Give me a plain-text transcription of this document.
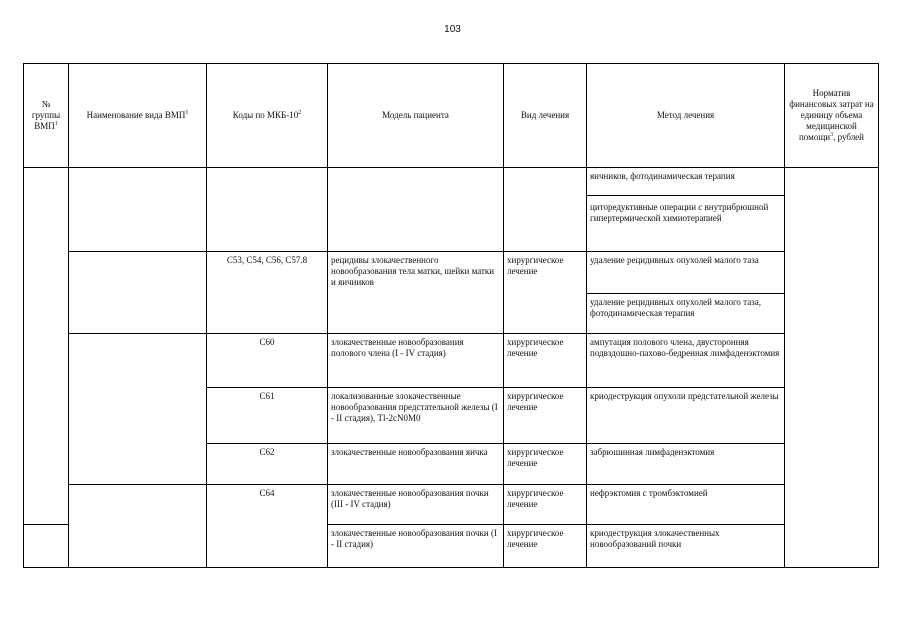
103
№ группы ВМП$^1$	Наименование вида ВМП$^1$	Коды по МКБ-$10^2$	Модель пациента	Вид лечения	Метод лечения	Норматив финансовых затрат на единицу объема медицинской помощи$^3$, рублей
					яичников, фотодинамическая терапия	
					циторедуктивные операции с внутрибрюшной гипертермической химиотерапией	
		C53, C54, C56, C57.8	рецидивы злокачественного новообразования тела матки, шейки матки и яичников	хирургическое лечение	удаление рецидивных опухолей малого таза	
					удаление рецидивных опухолей малого таза, фотодинамическая терапия	
		C60	злокачественные новообразования полового члена (I - IV стадия)	хирургическое лечение	ампутация полового члена, двусторонняя подвздошно-пахово-бедренная лимфаденэктомия	
		C61	локализованные злокачественные новообразования предстательной железы (I - II стадия), Tl-2cN0M0	хирургическое лечение	криодеструкция опухоли предстательной железы	
		C62	злокачественные новообразования яичка	хирургическое лечение	забрюшинная лимфаденэктомия	
		C64	злокачественные новообразования почки (III - IV стадия)	хирургическое лечение	нефрэктомия с тромбэктомией	
			злокачественные новообразования почки (I - II стадия)	хирургическое лечение	криодеструкция злокачественных новообразований почки	
